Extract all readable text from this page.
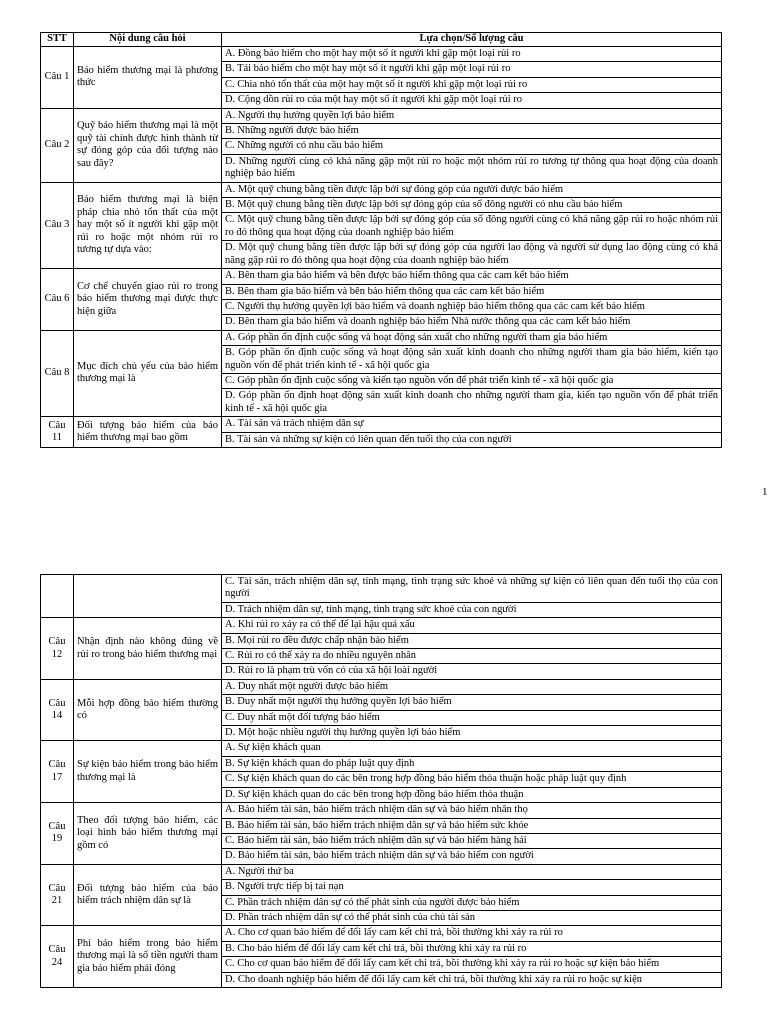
STT	Nội dung câu hỏi	Lựa chọn/Số lượng câu
Câu 1	Bảo hiểm thương mại là phương thức	A. Đồng bảo hiểm cho một hay một số ít người khi gặp một loại rủi ro
		B. Tái bảo hiểm cho một hay một số ít người khi gặp một loại rủi ro
		C. Chia nhỏ tổn thất của một hay một số ít người khi gặp một loại rủi ro
		D. Cộng dồn rủi ro của một hay một số ít người khi gặp một loại rủi ro
Câu 2	Quỹ bảo hiểm thương mại là một quỹ tài chính được hình thành từ sự đóng góp của đối tượng nào sau đây?	A. Người thụ hưởng quyền lợi bảo hiểm
		B. Những người được bảo hiểm
		C. Những người có nhu cầu bảo hiểm
		D. Những người cùng có khả năng gặp một rủi ro hoặc một nhóm rủi ro tương tự thông qua hoạt động của doanh nghiệp bảo hiểm
Câu 3	Bảo hiểm thương mại là biện pháp chia nhỏ tổn thất của một hay một số ít người khi gặp một rủi ro hoặc một nhóm rủi ro tương tự dựa vào:	A. Một quỹ chung bằng tiền được lập bởi sự đóng góp của người được bảo hiểm
		B. Một quỹ chung bằng tiền được lập bởi sự đóng góp của số đông người có nhu cầu bảo hiểm
		C. Một quỹ chung bằng tiền được lập bởi sự đóng góp của số đông người cùng có khả năng gặp rủi ro hoặc nhóm rủi ro đó thông qua hoạt động của doanh nghiệp bảo hiểm
		D. Một quỹ chung bằng tiền được lập bởi sự đóng góp của người lao động và người sử dụng lao động cùng có khả năng gặp rủi ro đó thông qua hoạt động của doanh nghiệp bảo hiểm
Câu 6	Cơ chế chuyển giao rủi ro trong bảo hiểm thương mại được thực hiện giữa	A. Bên tham gia bảo hiểm và bên được bảo hiểm thông qua các cam kết bảo hiểm
		B. Bên tham gia bảo hiểm và bên bảo hiểm thông qua các cam kết bảo hiểm
		C. Người thụ hưởng quyền lợi bảo hiểm và doanh nghiệp bảo hiểm thông qua các cam kết bảo hiểm
		D. Bên tham gia bảo hiểm và doanh nghiệp bảo hiểm Nhà nước thông qua các cam kết bảo hiểm
Câu 8	Mục đích chủ yếu của bảo hiểm thương mại là	A. Góp phần ổn định cuộc sống và hoạt động sản xuất cho những người tham gia bảo hiểm
		B. Góp phần ổn định cuộc sống và hoạt động sản xuất kinh doanh cho những người tham gia bảo hiểm, kiến tạo nguồn vốn để phát triển kinh tế - xã hội quốc gia
		C. Góp phần ổn định cuộc sống và kiến tạo nguồn vốn để phát triển kinh tế - xã hội quốc gia
		D. Góp phần ổn định hoạt động sản xuất kinh doanh cho những người tham gia, kiến tạo nguồn vốn để phát triển kinh tế - xã hội quốc gia
Câu 11	Đối tượng bảo hiểm của bảo hiểm thương mại bao gồm	A. Tài sản và trách nhiệm dân sự
		B. Tài sản và những sự kiện có liên quan đến tuổi thọ của con người
1
		C. Tài sản, trách nhiệm dân sự, tính mạng, tình trạng sức khoẻ và những sự kiện có liên quan đến tuổi thọ của con người
		D. Trách nhiệm dân sự, tính mạng, tình trạng sức khoẻ của con người
Câu 12	Nhận định nào không đúng về rủi ro trong bảo hiểm thương mại	A. Khi rủi ro xảy ra có thể để lại hậu quả xấu
		B. Mọi rủi ro đều được chấp nhận bảo hiểm
		C. Rủi ro có thể xảy ra do nhiều nguyên nhân
		D. Rủi ro là phạm trù vốn có của xã hội loài người
Câu 14	Mỗi hợp đồng bảo hiểm thường có	A. Duy nhất một người được bảo hiểm
		B. Duy nhất một người thụ hưởng quyền lợi bảo hiểm
		C. Duy nhất một đối tượng bảo hiểm
		D. Một hoặc nhiều người thụ hưởng quyền lợi bảo hiểm
Câu 17	Sự kiện bảo hiểm trong bảo hiểm thương mại là	A. Sự kiện khách quan
		B. Sự kiện khách quan do pháp luật quy định
		C. Sự kiện khách quan do các bên trong hợp đồng bảo hiểm thỏa thuận hoặc pháp luật quy định
		D. Sự kiện khách quan do các bên trong hợp đồng bảo hiểm thỏa thuận
Câu 19	Theo đối tượng bảo hiểm, các loại hình bảo hiểm thương mại gồm có	A. Bảo hiểm tài sản, bảo hiểm trách nhiệm dân sự và bảo hiểm nhân thọ
		B. Bảo hiểm tài sản, bảo hiểm trách nhiệm dân sự và bảo hiểm sức khỏe
		C. Bảo hiểm tài sản, bảo hiểm trách nhiệm dân sự và bảo hiểm hàng hải
		D. Bảo hiểm tài sản, bảo hiểm trách nhiệm dân sự và bảo hiểm con người
Câu 21	Đối tượng bảo hiểm của bảo hiểm trách nhiệm dân sự là	A. Người thứ ba
		B. Người trực tiếp bị tai nạn
		C. Phần trách nhiệm dân sự có thể phát sinh của người được bảo hiểm
		D. Phần trách nhiệm dân sự có thể phát sinh của chủ tài sản
Câu 24	Phí bảo hiểm trong bảo hiểm thương mại là số tiền người tham gia bảo hiểm phải đóng	A. Cho cơ quan bảo hiểm để đổi lấy cam kết chi trả, bồi thường khi xảy ra rủi ro
		B. Cho bảo hiểm để đổi lấy cam kết chi trả, bồi thường khi xảy ra rủi ro
		C. Cho cơ quan bảo hiểm để đổi lấy cam kết chi trả, bồi thường khi xảy ra rủi ro hoặc sự kiện bảo hiểm
		D. Cho doanh nghiệp bảo hiểm để đổi lấy cam kết chi trả, bồi thường khi xảy ra rủi ro hoặc sự kiện
